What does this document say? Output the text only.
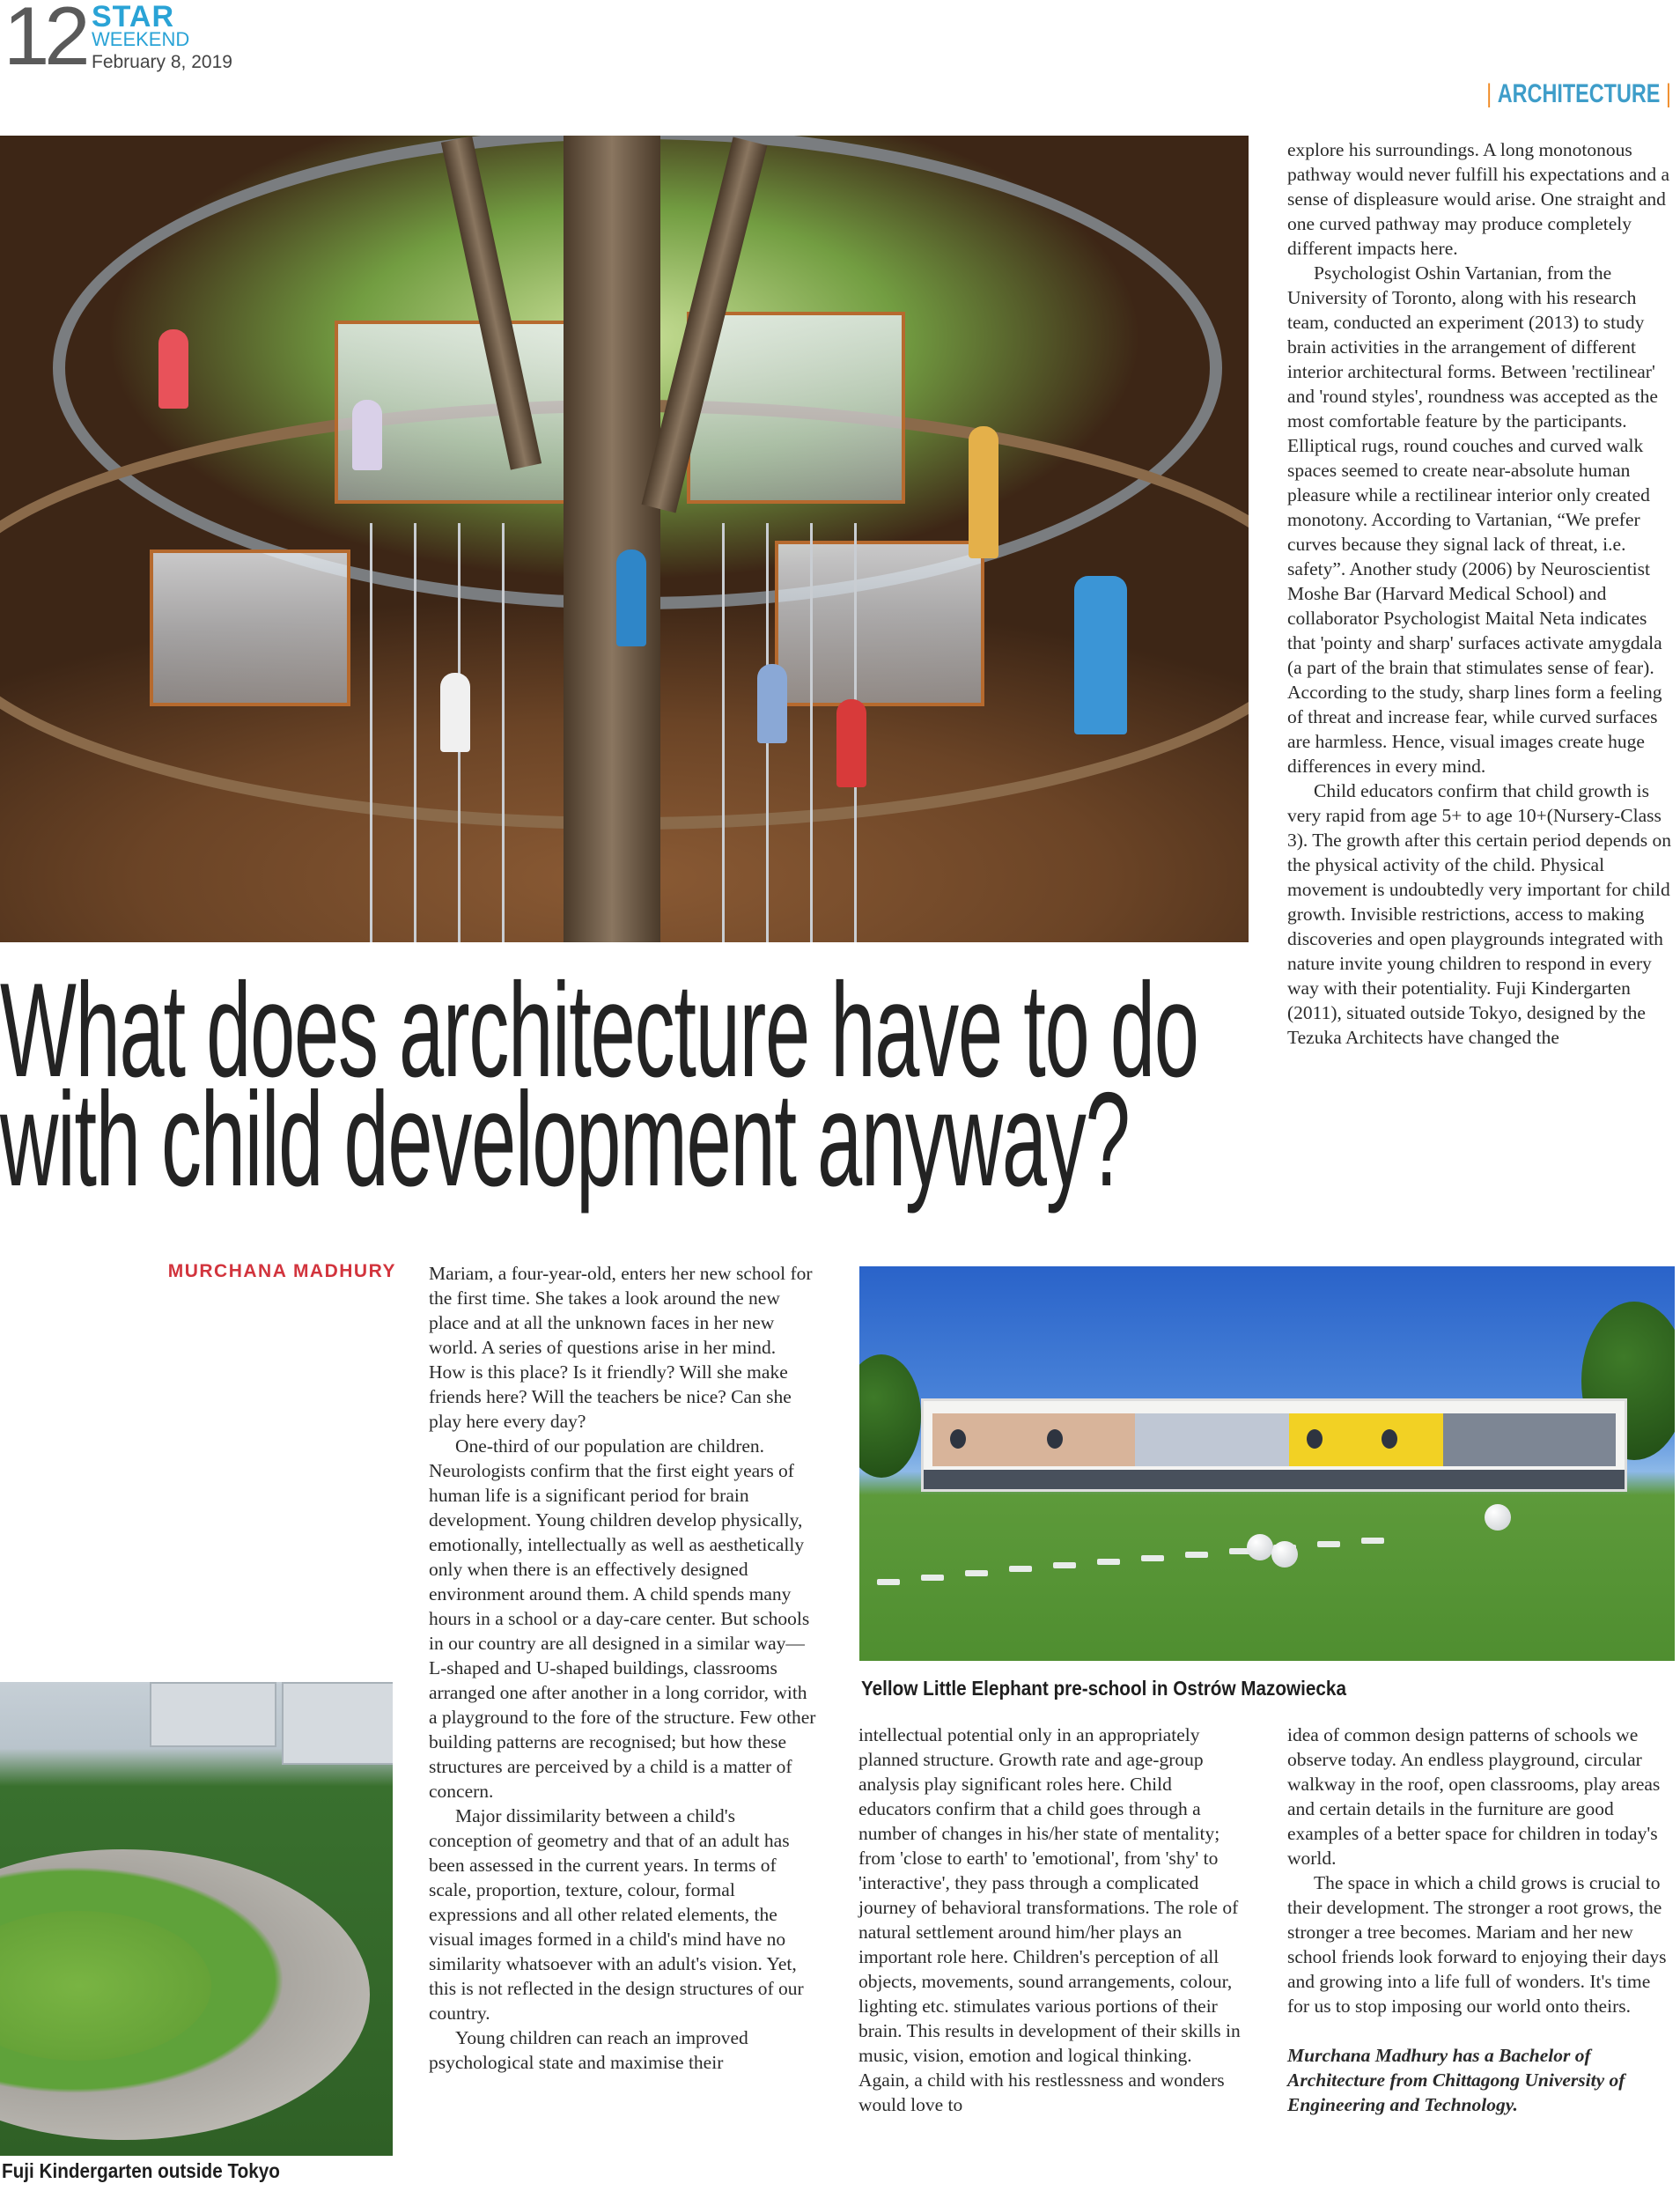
12 STAR
WEEKEND
February 8, 2019
| ARCHITECTURE |
What does architecture have to do
with child development anyway?

explore his surroundings. A long monotonous pathway would never fulfill his expectations and a sense of displeasure would arise. One straight and one curved pathway may produce completely different impacts here.

Psychologist Oshin Vartanian, from the University of Toronto, along with his research team, conducted an experiment (2013) to study brain activities in the arrangement of different interior architectural forms. Between 'rectilinear' and 'round styles', roundness was accepted as the most comfortable feature by the participants. Elliptical rugs, round couches and curved walk spaces seemed to create near-absolute human pleasure while a rectilinear interior only created monotony. According to Vartanian, “We prefer curves because they signal lack of threat, i.e. safety”. Another study (2006) by Neuroscientist Moshe Bar (Harvard Medical School) and collaborator Psychologist Maital Neta indicates that 'pointy and sharp' surfaces activate amygdala (a part of the brain that stimulates sense of fear). According to the study, sharp lines form a feeling of threat and increase fear, while curved surfaces are harmless. Hence, visual images create huge differences in every mind.

Child educators confirm that child growth is very rapid from age 5+ to age 10+(Nursery-Class 3). The growth after this certain period depends on the physical activity of the child. Physical movement is undoubtedly very important for child growth. Invisible restrictions, access to making discoveries and open playgrounds integrated with nature invite young children to respond in every way with their potentiality. Fuji Kindergarten (2011), situated outside Tokyo, designed by the Tezuka Architects have changed the

MURCHANA MADHURY Mariam, a four-year-old, enters her new school for the first time. She takes a look around the new place and at all the unknown faces in her new world. A series of questions arise in her mind. How is this place? Is it friendly? Will she make friends here? Will the teachers be nice? Can she play here every day?

One-third of our population are children. Neurologists confirm that the first eight years of human life is a significant period for brain development. Young children develop physically, emotionally, intellectually as well as aesthetically only when there is an effectively designed environment around them. A child spends many hours in a school or a day-care center. But schools in our country are all designed in a similar way—L-shaped and U-shaped buildings, classrooms arranged one after another in a long corridor, with a playground to the fore of the structure. Few other building patterns are recognised; but how these structures are perceived by a child is a matter of concern.

Major dissimilarity between a child's conception of geometry and that of an adult has been assessed in the current years. In terms of scale, proportion, texture, colour, formal expressions and all other related elements, the visual images formed in a child's mind have no similarity whatsoever with an adult's vision. Yet, this is not reflected in the design structures of our country.

Young children can reach an improved psychological state and maximise their

Yellow Little Elephant pre-school in Ostrów Mazowiecka

intellectual potential only in an appropriately planned structure. Growth rate and age-group analysis play significant roles here. Child educators confirm that a child goes through a number of changes in his/her state of mentality; from 'close to earth' to 'emotional', from 'shy' to 'interactive', they pass through a complicated journey of behavioral transformations. The role of natural settlement around him/her plays an important role here. Children's perception of all objects, movements, sound arrangements, colour, lighting etc. stimulates various portions of their brain. This results in development of their skills in music, vision, emotion and logical thinking. Again, a child with his restlessness and wonders would love to

idea of common design patterns of schools we observe today. An endless playground, circular walkway in the roof, open classrooms, play areas and certain details in the furniture are good examples of a better space for children in today's world.

The space in which a child grows is crucial to their development. The stronger a root grows, the stronger a tree becomes. Mariam and her new school friends look forward to enjoying their days and growing into a life full of wonders. It's time for us to stop imposing our world onto theirs.

Murchana Madhury has a Bachelor of Architecture from Chittagong University of Engineering and Technology.

Fuji Kindergarten outside Tokyo
